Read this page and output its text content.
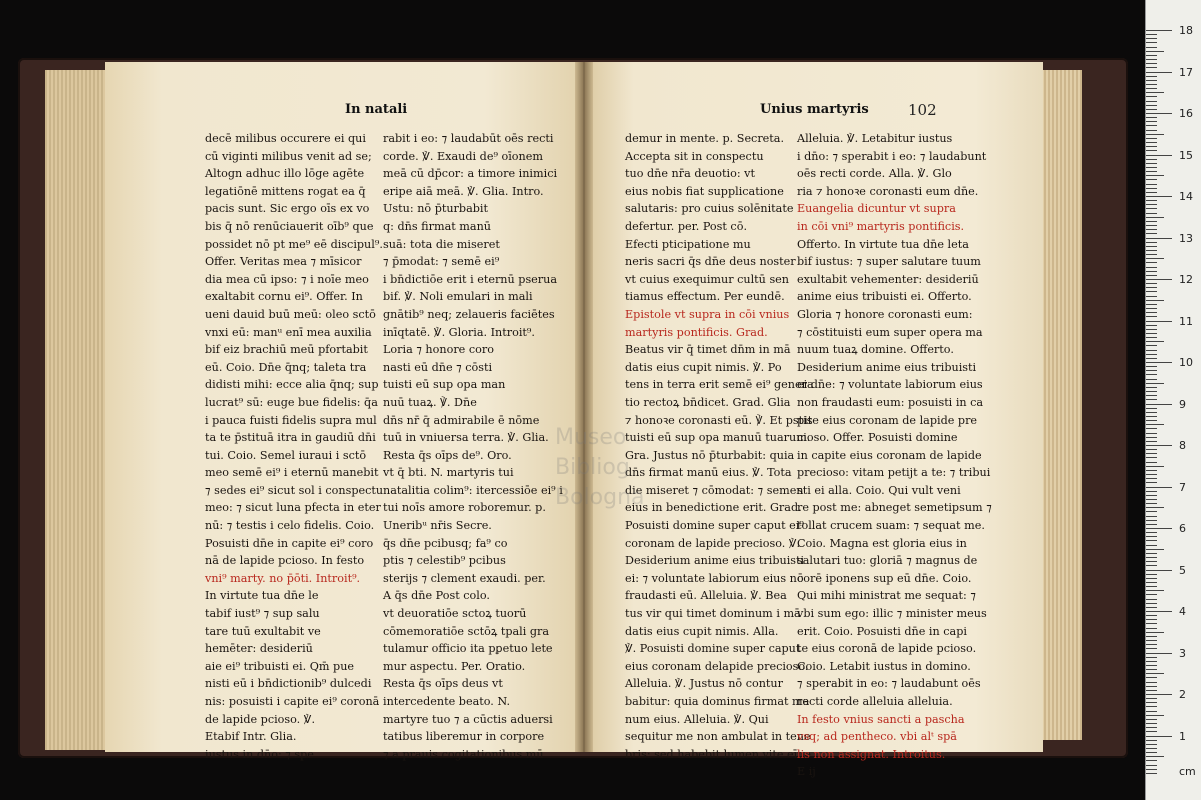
In natali	Unius martyris	102
decē milibus occurere ei qui
cū viginti milibus venit ad se;
Altogn adhuc illo lōge agēte
legatiōnē mittens rogat ea q̄
pacis sunt. Sic ergo oīs ex vo
bis q̄ nō renūciauerit oīb⁹ que
possidet nō pt me⁹ eē discipul⁹.
Offer. Veritas mea ⁊ mīsicor
dia mea cū ipso: ⁊ i noīe meo
exaltabit cornu ei⁹. Offer. In
ueni dauid buū meū: oleo sctō
vnxi eū: manᵘ enī mea auxilia
bif eiz brachiū meū pfortabit
eū. Coio. Dn̄e q̄nq; taleta tra
didisti mihi: ecce alia q̄nq; sup
lucrat⁹ sū: euge bue fidelis: q̄a
i pauca fuisti fidelis supra mul
ta te p̄stituā itra in gaudiū dn̄i
tui. Coio. Semel iuraui i sctō
meo semē ei⁹ i eternū manebit
⁊ sedes ei⁹ sicut sol i conspectu
meo: ⁊ sicut luna pfecta in eter
nū: ⁊ testis i celo fidelis. Coio.
Posuisti dn̄e in capite ei⁹ coro
nā de lapide pcioso. In festo
vni⁹ marty. no p̄ōti. Introit⁹.
In virtute tua dn̄e le
tabif iust⁹ ⁊ sup salu
tare tuū exultabit ve
hemēter: desideriū
aie ei⁹ tribuisti ei. Qm̄ pue
nisti eū i bn̄dictionib⁹ dulcedi
nis: posuisti i capite ei⁹ coronā
de lapide pcioso. ℣.
Etabif Intr. Glia.
iustus in dn̄o: ⁊ spe
rabit i eo: ⁊ laudabūt oēs recti
corde. ℣. Exaudi de⁹ oīonem
meā cū dp̄cor: a timore inimici
eripe aiā meā. ℣. Glia. Intro.
Ustu: nō p̄turbabit
q: dn̄s firmat manū
suā: tota die miseret
⁊ p̄modat: ⁊ semē ei⁹
i bn̄dictiōe erit i eternū pserua
bif. ℣. Noli emulari in mali
gnātib⁹ neq; zelaueris faciētes
inīqtatē. ℣. Gloria. Introit⁹.
Loria ⁊ honore coro
nasti eū dn̄e ⁊ cōsti
tuisti eū sup opa man
nuū tuaꝝ. ℣. Dn̄e
dn̄s nr̄ q̄ admirabile ē nōme
tuū in vniuersa terra. ℣. Glia.
Resta q̄s oīps de⁹. Oro.
vt q̄ bti. N. martyris tui
natalitia colim⁹: itercessiōe ei⁹ i
tui noīs amore roboremur. p.
Uneribᵘ nr̄is Secre.
q̄s dn̄e pcibusq; fa⁹ co
ptis ⁊ celestib⁹ pcibus
sterijs ⁊ clement exaudi. per.
A q̄s dn̄e Post colo.
vt deuoratiōe sctoꝝ tuorū
cōmemoratiōe sctōꝝ tpali gra
tulamur officio ita pꝑetuo lete
mur aspectu. Per. Oratio.
Resta q̄s oīps deus vt
intercedente beato. N.
martyre tuo ⁊ a cūctis aduersi
tatibus liberemur in corpore
⁊ a prauis cogitationibus mū
demur in mente. p. Secreta.
Accepta sit in conspectu
tuo dn̄e nr̄a deuotio: vt
eius nobis fiat supplicatione
salutaris: pro cuius solēnitate
defertur. per. Post cō.
Efecti pticipatione mu
neris sacri q̄s dn̄e deus noster
vt cuius exequimur cultū sen
tiamus effectum. Per eundē.
Epistole vt supra in cōi vnius
martyris pontificis. Grad.
Beatus vir q̄ timet dn̄m in mā
datis eius cupit nimis. ℣. Po
tens in terra erit semē ei⁹ genera
tio rectoꝝ bn̄dicet. Grad. Glia
⁊ honoꝛe coronasti eū. ℣. Et pstis
tuisti eū sup opa manuū tuarum.
Gra. Justus nō p̄turbabit: quia
dn̄s firmat manū eius. ℣. Tota
die miseret ⁊ cōmodat: ⁊ semen
eius in benedictione erit. Grad.
Posuisti domine super caput ei⁹
coronam de lapide precioso. ℣.
Desiderium anime eius tribuisti
ei: ⁊ voluntate labiorum eius nō
fraudasti eū. Alleluia. ℣. Bea
tus vir qui timet dominum i mā
datis eius cupit nimis. Alla.
℣. Posuisti domine super caput
eius coronam delapide precioso.
Alleluia. ℣. Justus nō contur
babitur: quia dominus firmat ma
num eius. Alleluia. ℣. Qui
sequitur me non ambulat in tene
bris: sed habebit lumen vite eīne.
Alleluia. ℣. Letabitur iustus
i dn̄o: ⁊ sperabit i eo: ⁊ laudabunt
oēs recti corde. Alla. ℣. Glo
ria ⁊ honoꝛe coronasti eum dn̄e.
Euangelia dicuntur vt supra
in cōi vni⁹ martyris pontificis.
Offerto. In virtute tua dn̄e leta
bif iustus: ⁊ super salutare tuum
exultabit vehementer: desideriū
anime eius tribuisti ei. Offerto.
Gloria ⁊ honore coronasti eum:
⁊ cōstituisti eum super opera ma
nuum tuaꝝ domine. Offerto.
Desiderium anime eius tribuisti
ei dn̄e: ⁊ voluntate labiorum eius
non fraudasti eum: posuisti in ca
pite eius coronam de lapide pre
cioso. Offer. Posuisti domine
in capite eius coronam de lapide
precioso: vitam petijt a te: ⁊ tribui
sti ei alla. Coio. Qui vult veni
re post me: abneget semetipsum ⁊
tollat crucem suam: ⁊ sequat me.
Coio. Magna est gloria eius in
salutari tuo: gloriā ⁊ magnus de
corē iponens sup eū dn̄e. Coio.
Qui mihi ministrat me sequat: ⁊
vbi sum ego: illic ⁊ minister meus
erit. Coio. Posuisti dn̄e in capi
te eius coronā de lapide pcioso.
Coio. Letabit iustus in domino.
⁊ sperabit in eo: ⁊ laudabunt oēs
recti corde alleluia alleluia.
In festo vnius sancti a pascha
vsq; ad pentheco. vbi alᵗ spā
lis non assignat. Introitus.
E ij
Museo
Bibliog
Bologna
18
17
16
15
14
13
12
11
10
9
8
7
6
5
4
3
2
1
cm
